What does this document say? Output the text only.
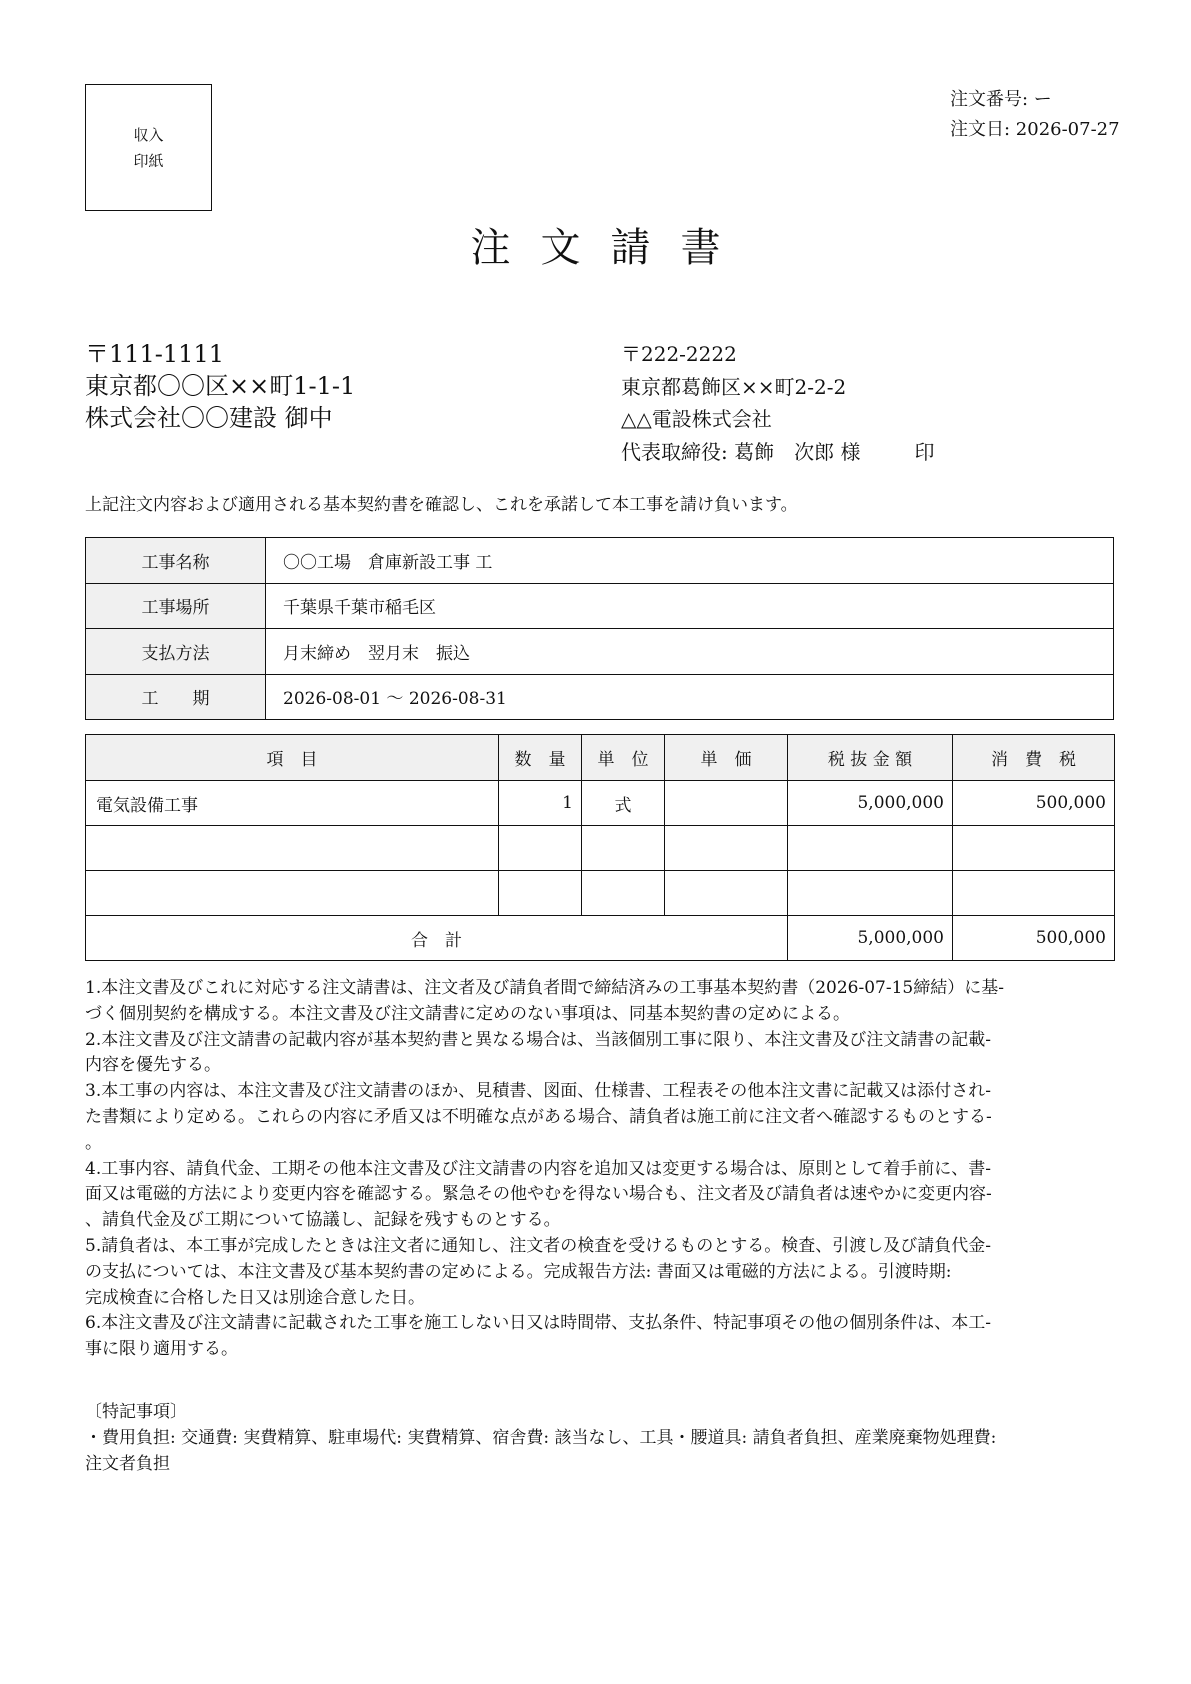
収入
印紙
注文番号: ー
注文日: 2026-07-27
注文請書
〒111-1111
東京都〇〇区××町1-1-1
株式会社〇〇建設 御中
〒222-2222
東京都葛飾区××町2-2-2
△△電設株式会社
代表取締役: 葛飾　次郎 様	印
上記注文内容および適用される基本契約書を確認し、これを承諾して本工事を請け負います。
工事名称	〇〇工場　倉庫新設工事 工
工事場所	千葉県千葉市稲毛区
支払方法	月末締め　翌月末　振込
工　　期	2026-08-01 ～ 2026-08-31
項　目	数　量	単　位	単　価	税 抜 金 額	消　費　税
電気設備工事	1	式		5,000,000	500,000

合　計				5,000,000	500,000

1.本注文書及びこれに対応する注文請書は、注文者及び請負者間で締結済みの工事基本契約書（2026-07-15締結）に基-

づく個別契約を構成する。本注文書及び注文請書に定めのない事項は、同基本契約書の定めによる。

2.本注文書及び注文請書の記載内容が基本契約書と異なる場合は、当該個別工事に限り、本注文書及び注文請書の記載-

内容を優先する。

3.本工事の内容は、本注文書及び注文請書のほか、見積書、図面、仕様書、工程表その他本注文書に記載又は添付され-

た書類により定める。これらの内容に矛盾又は不明確な点がある場合、請負者は施工前に注文者へ確認するものとする-

。

4.工事内容、請負代金、工期その他本注文書及び注文請書の内容を追加又は変更する場合は、原則として着手前に、書-

面又は電磁的方法により変更内容を確認する。緊急その他やむを得ない場合も、注文者及び請負者は速やかに変更内容-

、請負代金及び工期について協議し、記録を残すものとする。

5.請負者は、本工事が完成したときは注文者に通知し、注文者の検査を受けるものとする。検査、引渡し及び請負代金-

の支払については、本注文書及び基本契約書の定めによる。完成報告方法: 書面又は電磁的方法による。引渡時期:

完成検査に合格した日又は別途合意した日。

6.本注文書及び注文請書に記載された工事を施工しない日又は時間帯、支払条件、特記事項その他の個別条件は、本工-

事に限り適用する。

〔特記事項〕

・費用負担: 交通費: 実費精算、駐車場代: 実費精算、宿舎費: 該当なし、工具・腰道具: 請負者負担、産業廃棄物処理費:

注文者負担
